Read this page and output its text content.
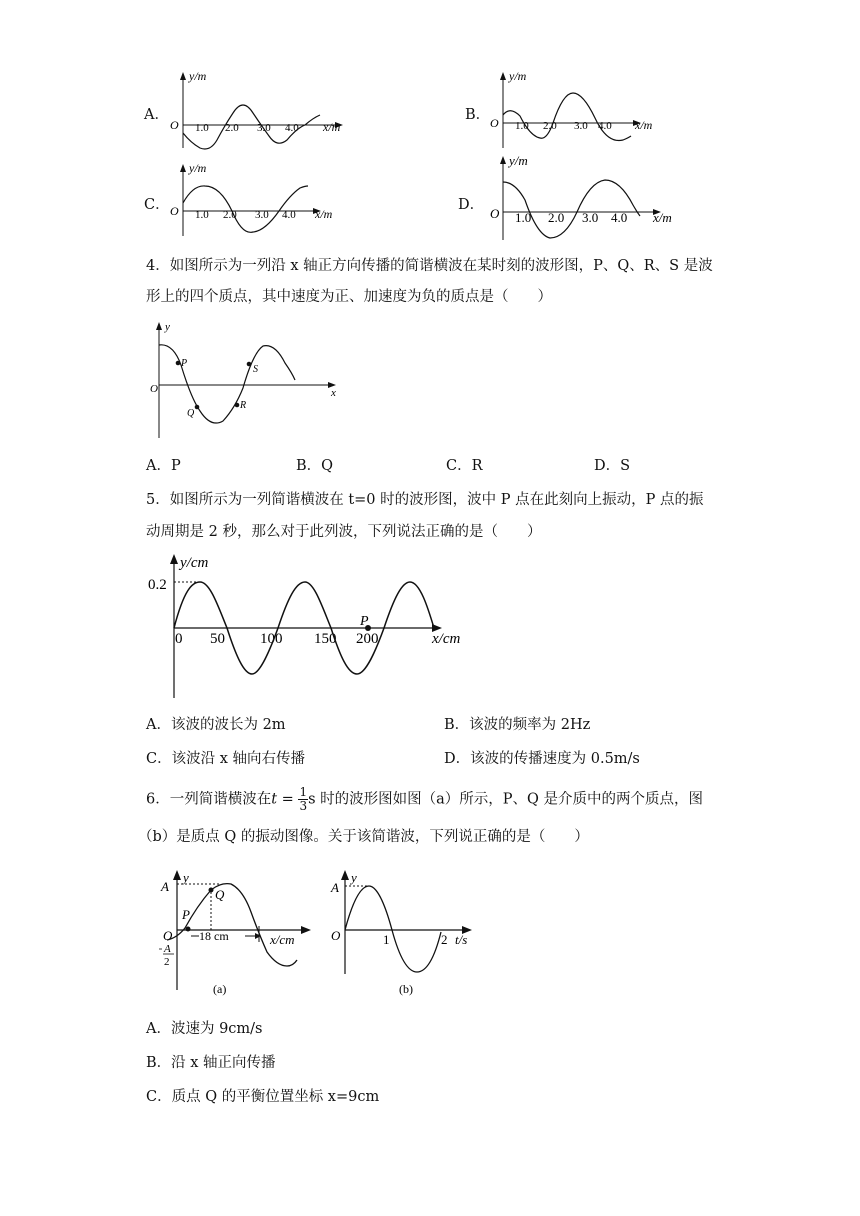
A．
y/m
O 1.0 2.0 3.0 4.0 x/m
B．
y/m
O 1.0 2.0 3.0 4.0 x/m
C．
y/m
O 1.0 2.0 3.0 4.0 x/m
D．
y/m
O 1.0 2.0 3.0 4.0 x/m
4．如图所示为一列沿 x 轴正方向传播的简谐横波在某时刻的波形图，P、Q、R、S 是波
形上的四个质点，其中速度为正、加速度为负的质点是（　　）
y
x
O
P
Q
R
S
A．P	B．Q	C．R	D．S
5．如图所示为一列简谐横波在 t=0 时的波形图，波中 P 点在此刻向上振动，P 点的振
动周期是 2 秒，那么对于此列波，下列说法正确的是（　　）
y/cm
0.2
x/cm
0 50 100 150 200
P
A．该波的波长为 2m	B．该波的频率为 2Hz
C．该波沿 x 轴向右传播	D．该波的传播速度为 0.5m/s
6．一列简谐横波在$t = \frac{1}{3}$ s 时的波形图如图（a）所示，P、Q 是介质中的两个质点，图
（b）是质点 Q 的振动图像。关于该简谐波，下列说正确的是（　　）
y
A
P
Q
O
A
2
x/cm
18 cm
(a)
y
A
O	1	2 t/s
(b)
A．波速为 9cm/s
B．沿 x 轴正向传播
C．质点 Q 的平衡位置坐标 x=9cm
